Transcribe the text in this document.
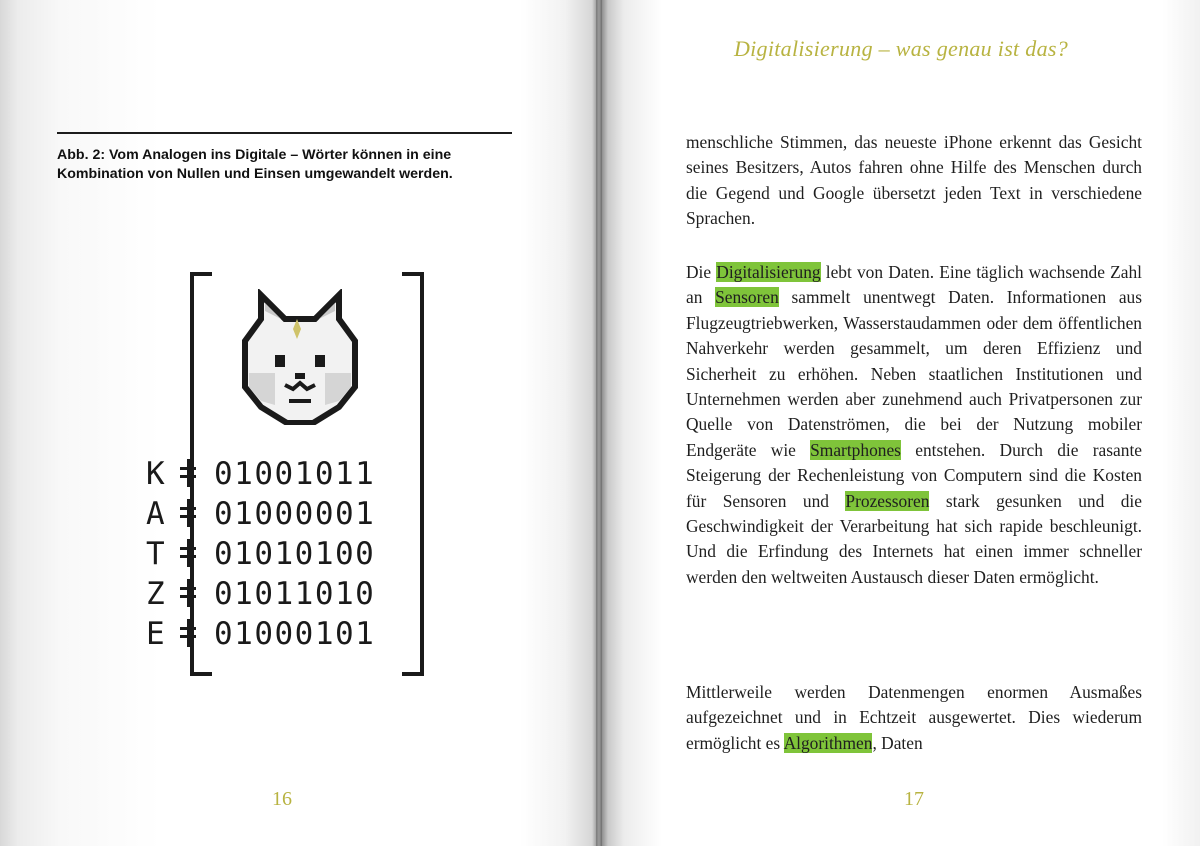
Abb. 2: Vom Analogen ins Digitale – Wörter können in eine Kombination von Nullen und Einsen umgewandelt werden.
K 01001011
A 01000001
T 01010100
Z 01011010
E 01000101
16
Digitalisierung – was genau ist das?

menschliche Stimmen, das neueste iPhone erkennt das Gesicht seines Besitzers, Autos fahren ohne Hilfe des Menschen durch die Gegend und Google übersetzt jeden Text in verschiedene Sprachen.

Die Digitalisierung lebt von Daten. Eine täglich wachsende Zahl an Sensoren sammelt unentwegt Daten. Informationen aus Flugzeugtriebwerken, Wasserstaudammen oder dem öffentlichen Nahverkehr werden gesammelt, um deren Effizienz und Sicherheit zu erhöhen. Neben staatlichen Institutionen und Unternehmen werden aber zunehmend auch Privatpersonen zur Quelle von Datenströmen, die bei der Nutzung mobiler Endgeräte wie Smartphones entstehen. Durch die rasante Steigerung der Rechenleistung von Computern sind die Kosten für Sensoren und Prozessoren stark gesunken und die Geschwindigkeit der Verarbeitung hat sich rapide beschleunigt. Und die Erfindung des Internets hat einen immer schneller werden den weltweiten Austausch dieser Daten ermöglicht.

Mittlerweile werden Datenmengen enormen Ausmaßes aufgezeichnet und in Echtzeit ausgewertet. Dies wiederum ermöglicht es Algorithmen, Daten

17
